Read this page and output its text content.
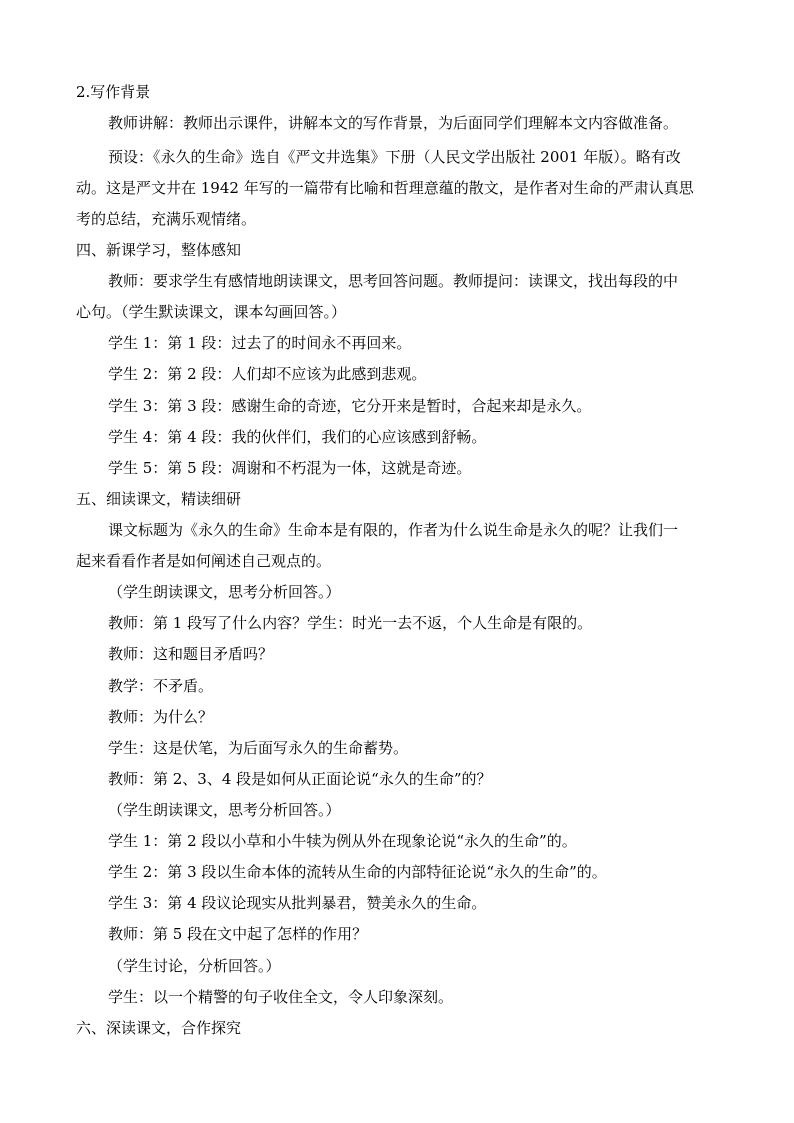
2.写作背景
教师讲解：教师出示课件，讲解本文的写作背景，为后面同学们理解本文内容做准备。
预设：《永久的生命》选自《严文井选集》下册（人民文学出版社 2001 年版）。略有改
动。这是严文井在 1942 年写的一篇带有比喻和哲理意蕴的散文，是作者对生命的严肃认真思
考的总结，充满乐观情绪。
四、新课学习，整体感知
教师：要求学生有感情地朗读课文，思考回答问题。教师提问：读课文，找出每段的中
心句。（学生默读课文，课本勾画回答。）
学生 1：第 1 段：过去了的时间永不再回来。
学生 2：第 2 段：人们却不应该为此感到悲观。
学生 3：第 3 段：感谢生命的奇迹，它分开来是暂时，合起来却是永久。
学生 4：第 4 段：我的伙伴们，我们的心应该感到舒畅。
学生 5：第 5 段：凋谢和不朽混为一体，这就是奇迹。
五、细读课文，精读细研
课文标题为《永久的生命》生命本是有限的，作者为什么说生命是永久的呢？让我们一
起来看看作者是如何阐述自己观点的。
（学生朗读课文，思考分析回答。）
教师：第 1 段写了什么内容？学生：时光一去不返，个人生命是有限的。
教师：这和题目矛盾吗？
教学：不矛盾。
教师：为什么？
学生：这是伏笔，为后面写永久的生命蓄势。
教师：第 2、3、4 段是如何从正面论说“永久的生命”的？
（学生朗读课文，思考分析回答。）
学生 1：第 2 段以小草和小牛犊为例从外在现象论说“永久的生命”的。
学生 2：第 3 段以生命本体的流转从生命的内部特征论说“永久的生命”的。
学生 3：第 4 段议论现实从批判暴君，赞美永久的生命。
教师：第 5 段在文中起了怎样的作用？
（学生讨论，分析回答。）
学生：以一个精警的句子收住全文，令人印象深刻。
六、深读课文，合作探究
